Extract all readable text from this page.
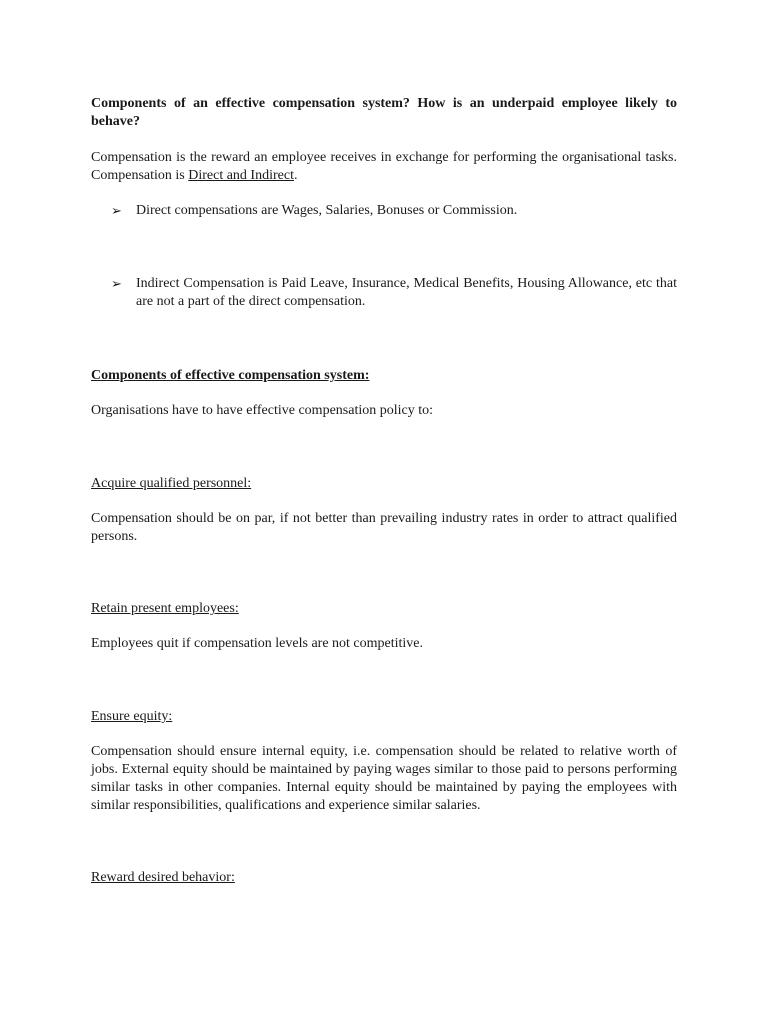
Components of an effective compensation system? How is an underpaid employee likely to behave?

Compensation is the reward an employee receives in exchange for performing the organisational tasks. Compensation is Direct and Indirect.

➢ Direct compensations are Wages, Salaries, Bonuses or Commission.

➢ Indirect Compensation is Paid Leave, Insurance, Medical Benefits, Housing Allowance, etc that are not a part of the direct compensation.

Components of effective compensation system:

Organisations have to have effective compensation policy to:

Acquire qualified personnel:

Compensation should be on par, if not better than prevailing industry rates in order to attract qualified persons.

Retain present employees:

Employees quit if compensation levels are not competitive.

Ensure equity:

Compensation should ensure internal equity, i.e. compensation should be related to relative worth of jobs. External equity should be maintained by paying wages similar to those paid to persons performing similar tasks in other companies. Internal equity should be maintained by paying the employees with similar responsibilities, qualifications and experience similar salaries.

Reward desired behavior:
